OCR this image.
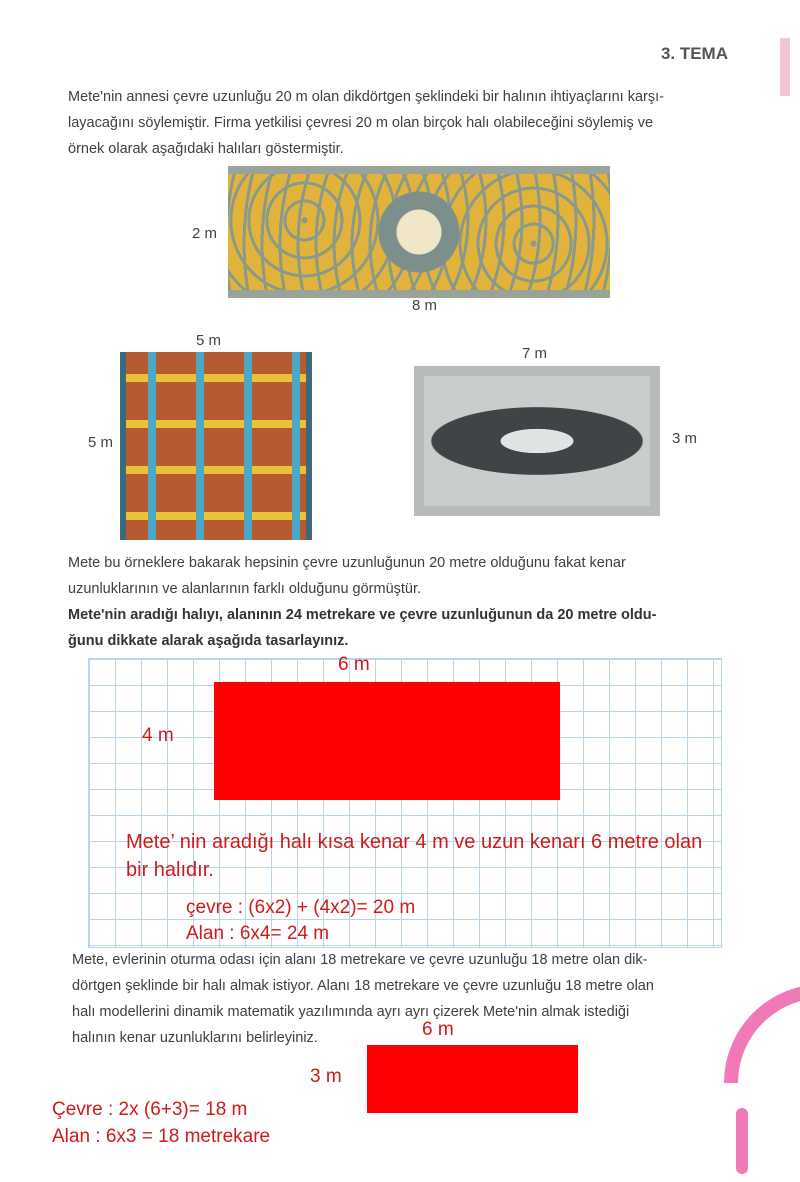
3. TEMA
Mete'nin annesi çevre uzunluğu 20 m olan dikdörtgen şeklindeki bir halının ihtiyaçlarını karşı-
layacağını söylemiştir. Firma yetkilisi çevresi 20 m olan birçok halı olabileceğini söylemiş ve
örnek olarak aşağıdaki halıları göstermiştir.
2 m
8 m
5 m
5 m
7 m
3 m
Mete bu örneklere bakarak hepsinin çevre uzunluğunun 20 metre olduğunu fakat kenar
uzunluklarının ve alanlarının farklı olduğunu görmüştür.
Mete'nin aradığı halıyı, alanının 24 metrekare ve çevre uzunluğunun da 20 metre oldu-
ğunu dikkate alarak aşağıda tasarlayınız.
6 m
4 m
Mete’ nin aradığı halı kısa kenar 4 m ve uzun kenarı 6 metre olan
bir halıdır.
çevre : (6x2) + (4x2)= 20 m
Alan : 6x4= 24 m
Mete, evlerinin oturma odası için alanı 18 metrekare ve çevre uzunluğu 18 metre olan dik-
dörtgen şeklinde bir halı almak istiyor. Alanı 18 metrekare ve çevre uzunluğu 18 metre olan
halı modellerini dinamik matematik yazılımında ayrı ayrı çizerek Mete'nin almak istediği
halının kenar uzunluklarını belirleyiniz.	6 m
3 m
Çevre : 2x (6+3)= 18 m
Alan : 6x3 = 18 metrekare
